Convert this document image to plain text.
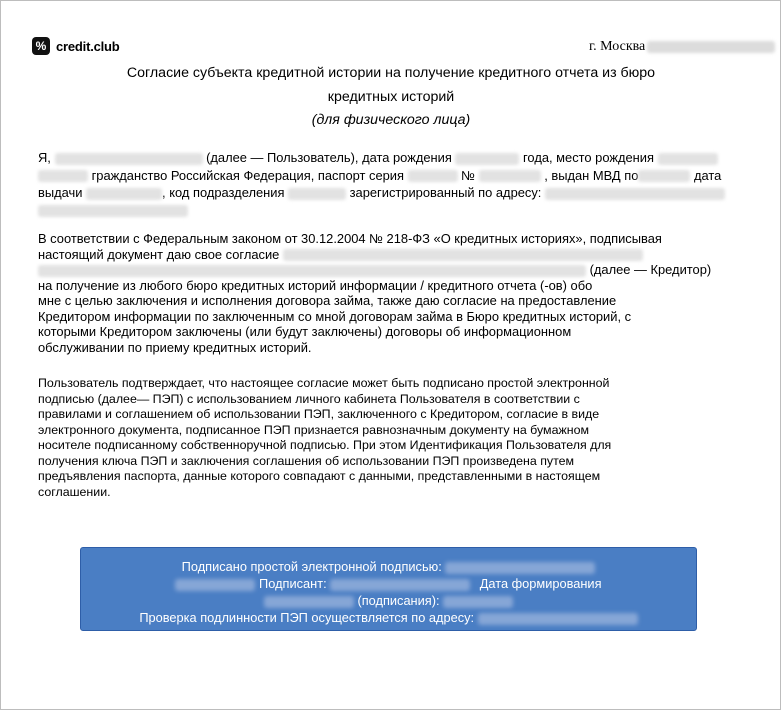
% credit.club	г. Москва
Согласие субъекта кредитной истории на получение кредитного отчета из бюро
кредитных историй
(для физического лица)
Я,	(далее — Пользователь), дата рождения	года, место рождения
гражданство Российская Федерация, паспорт серия	№	, выдан МВД по	дата
выдачи	, код подразделения	зарегистрированный по адресу:
В соответствии с Федеральным законом от 30.12.2004 № 218-ФЗ «О кредитных историях», подписывая
настоящий документ даю свое согласие
(далее — Кредитор)
на получение из любого бюро кредитных историй информации / кредитного отчета (-ов) обо
мне с целью заключения и исполнения договора займа, также даю согласие на предоставление
Кредитором информации по заключенным со мной договорам займа в Бюро кредитных историй, с
которыми Кредитором заключены (или будут заключены) договоры об информационном
обслуживании по приему кредитных историй.
Пользователь подтверждает, что настоящее согласие может быть подписано простой электронной
подписью (далее— ПЭП) с использованием личного кабинета Пользователя в соответствии с
правилами и соглашением об использовании ПЭП, заключенного с Кредитором, согласие в виде
электронного документа, подписанное ПЭП признается равнозначным документу на бумажном
носителе подписанному собственноручной подписью. При этом Идентификация Пользователя для
получения ключа ПЭП и заключения соглашения об использовании ПЭП произведена путем
предъявления паспорта, данные которого совпадают с данными, представленными в настоящем
соглашении.
Подписано простой электронной подписью:
Подписант:	Дата формирования
(подписания):
Проверка подлинности ПЭП осуществляется по адресу:
